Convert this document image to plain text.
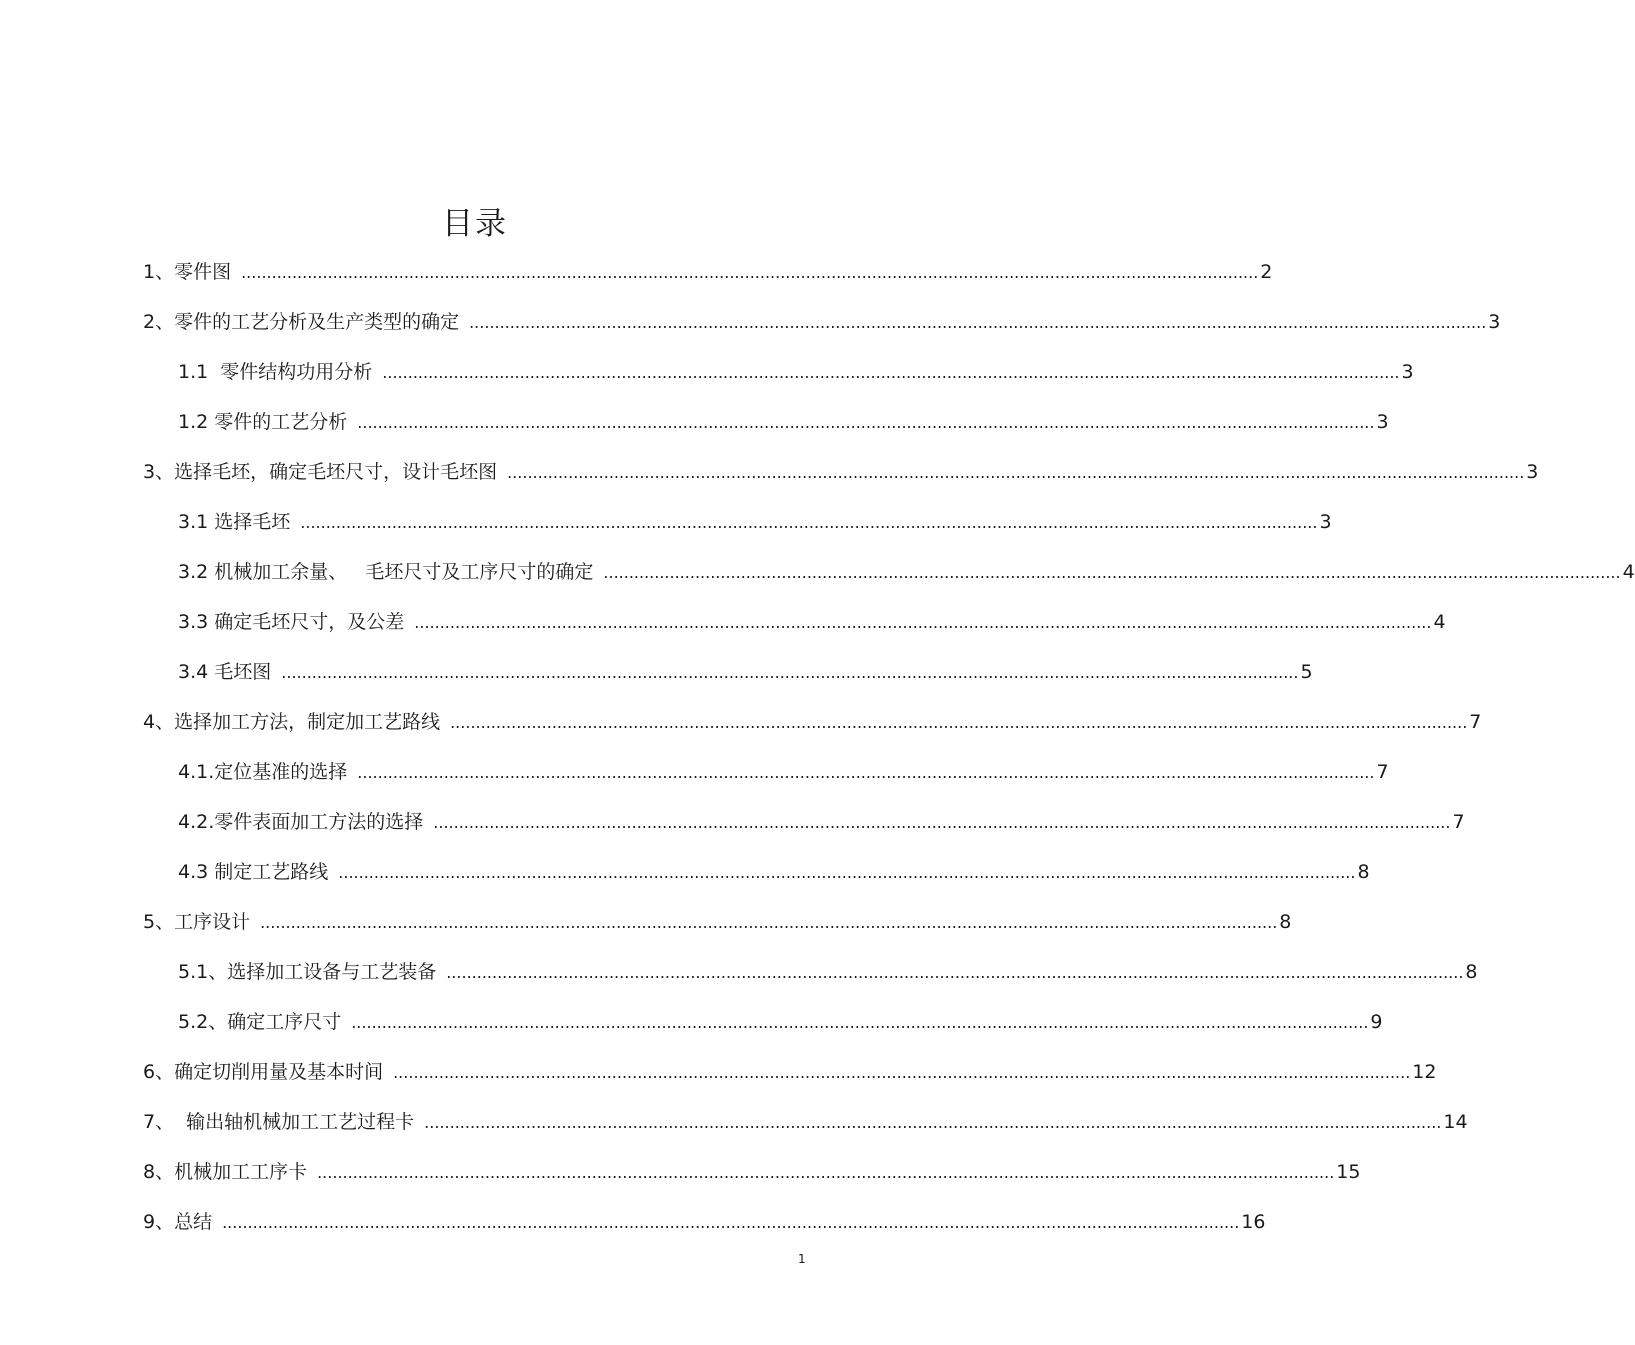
目录
1、零件图 ........................................................................................................................................................................................................ 2
2、零件的工艺分析及生产类型的确定 ........................................................................................................................................................................................................ 3
1.1  零件结构功用分析 ........................................................................................................................................................................................................ 3
1.2 零件的工艺分析 ........................................................................................................................................................................................................ 3
3、选择毛坯，确定毛坯尺寸，设计毛坯图 ........................................................................................................................................................................................................ 3
3.1 选择毛坯 ........................................................................................................................................................................................................ 3
3.2 机械加工余量、   毛坯尺寸及工序尺寸的确定 ........................................................................................................................................................................................................ 4
3.3 确定毛坯尺寸，及公差 ........................................................................................................................................................................................................ 4
3.4 毛坯图 ........................................................................................................................................................................................................ 5
4、选择加工方法，制定加工艺路线 ........................................................................................................................................................................................................ 7
4.1.定位基准的选择 ........................................................................................................................................................................................................ 7
4.2.零件表面加工方法的选择 ........................................................................................................................................................................................................ 7
4.3 制定工艺路线 ........................................................................................................................................................................................................ 8
5、工序设计 ........................................................................................................................................................................................................ 8
5.1、选择加工设备与工艺装备 ........................................................................................................................................................................................................ 8
5.2、确定工序尺寸 ........................................................................................................................................................................................................ 9
6、确定切削用量及基本时间 ........................................................................................................................................................................................................ 12
7、  输出轴机械加工工艺过程卡 ........................................................................................................................................................................................................ 14
8、机械加工工序卡 ........................................................................................................................................................................................................ 15
9、总结 ........................................................................................................................................................................................................ 16
1
